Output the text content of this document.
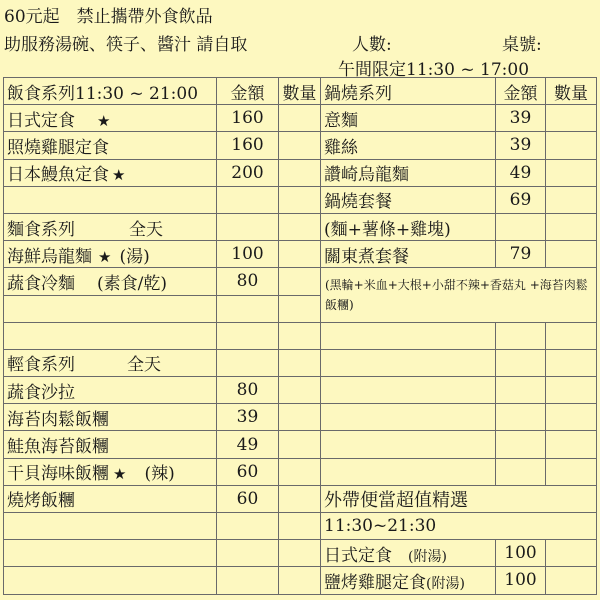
60元起　禁止攜帶外食飲品
助服務湯碗、筷子、醬汁 請自取	人數:	桌號:
午間限定11:30 ~ 17:00
飯食系列11:30 ~ 21:00	金額	數量	鍋燒系列	金額	數量
日式定食 ★	160		意麵	39	
照燒雞腿定食	160		雞絲	39	
日本鰻魚定食 ★	200		讚崎烏龍麵	49	
			鍋燒套餐	69	
麵食系列 全天			(麵+薯條+雞塊)		
海鮮烏龍麵 ★ (湯)	100		關東煮套餐	79	
蔬食冷麵 (素食/乾)	80		(黑輪+米血+大根+小甜不辣+香菇丸 +海苔肉鬆飯糰)		

輕食系列 全天					
蔬食沙拉	80				
海苔肉鬆飯糰	39				
鮭魚海苔飯糰	49				
干貝海味飯糰 ★ (辣)	60				
燒烤飯糰	60		外帶便當超值精選		
			11:30~21:30		
			日式定食 (附湯)	100	
			鹽烤雞腿定食(附湯)	100	
